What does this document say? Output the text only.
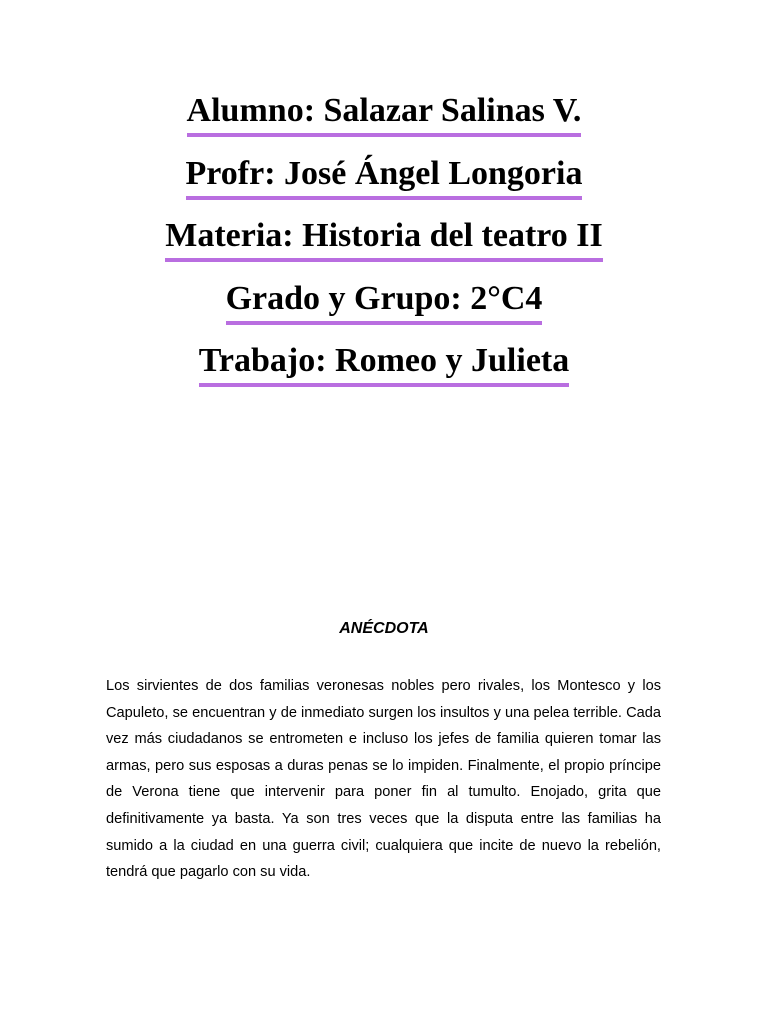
Alumno: Salazar Salinas V.
Profr: José Ángel Longoria
Materia: Historia del teatro II
Grado y Grupo: 2°C4
Trabajo: Romeo y Julieta
ANÉCDOTA

Los sirvientes de dos familias veronesas nobles pero rivales, los Montesco y los Capuleto, se encuentran y de inmediato surgen los insultos y una pelea terrible. Cada vez más ciudadanos se entrometen e incluso los jefes de familia quieren tomar las armas, pero sus esposas a duras penas se lo impiden. Finalmente, el propio príncipe de Verona tiene que intervenir para poner fin al tumulto. Enojado, grita que definitivamente ya basta. Ya son tres veces que la disputa entre las familias ha sumido a la ciudad en una guerra civil; cualquiera que incite de nuevo la rebelión, tendrá que pagarlo con su vida.
